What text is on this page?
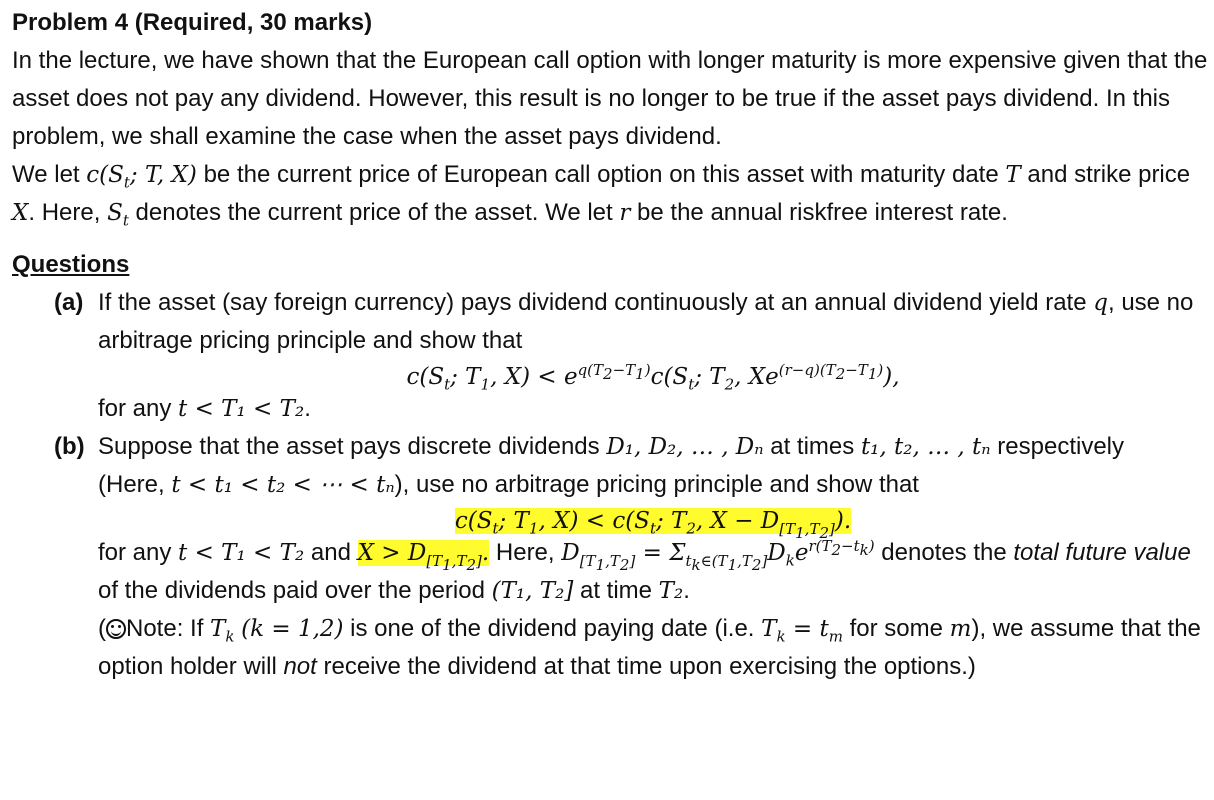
Problem 4 (Required, 30 marks)

In the lecture, we have shown that the European call option with longer maturity is more expensive given that the asset does not pay any dividend. However, this result is no longer to be true if the asset pays dividend. In this problem, we shall examine the case when the asset pays dividend.

We let $c(S_t$; T, X) be the current price of European call option on this asset with maturity date T and strike price X. Here, $S_t$ denotes the current price of the asset. We let r be the annual riskfree interest rate.

Questions
(a) If the asset (say foreign currency) pays dividend continuously at an annual dividend yield rate q, use no arbitrage pricing principle and show that
$c(S_t$; $T_1$, $X) < e^{q(T_2-T_1)}c(S_t$; $T_2$, $Xe^{(r-q)(T_2-T_1)}$),
for any t < T₁ < T₂.
(b) Suppose that the asset pays discrete dividends D₁, D₂, … , Dₙ at times t₁, t₂, … , tₙ respectively
(Here, t < t₁ < t₂ < ⋯ < tₙ), use no arbitrage pricing principle and show that
$c(S_t$; $T_1$, $X) < c(S_t$; $T_2$, $X - D_{[T_1,T_2]}$).
for any t < T₁ < T₂ and $X > D_{[T_1,T_2]}$. Here, $D_{[T_1,T_2]} = \Sigma_{t_k\in(T_1,T_2]}D_ke^{r(T_2-t_k)}$ denotes the total future value of the dividends paid over the period (T₁, T₂] at time T₂.
( Note: If $T_k$ (k = 1,2) is one of the dividend paying date (i.e. $T_k = t_m$ for some m), we assume that the option holder will not receive the dividend at that time upon exercising the options.)
